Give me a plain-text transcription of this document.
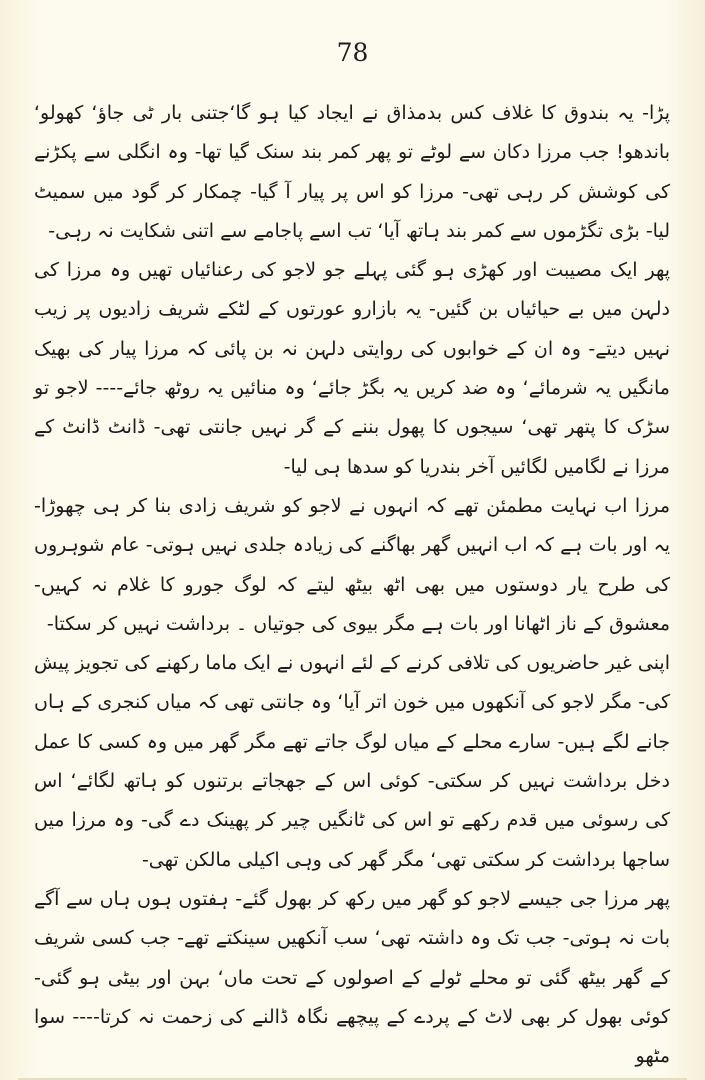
78

پڑا- یہ بندوق کا غلاف کس بدمذاق نے ایجاد کیا ہو گا‘جتنی بار ٹی جاؤ‘ کھولو‘ باندھو! جب مرزا دکان سے لوٹے تو پھر کمر بند سنک گیا تھا- وہ انگلی سے پکڑنے کی کوشش کر رہی تھی- مرزا کو اس پر پیار آ گیا- چمکار کر گود میں سمیٹ لیا- بڑی تگڑموں سے کمر بند ہاتھ آیا‘ تب اسے پاجامے سے اتنی شکایت نہ رہی-

پھر ایک مصیبت اور کھڑی ہو گئی پہلے جو لاجو کی رعنائیاں تھیں وہ مرزا کی دلہن میں بے حیائیاں بن گئیں- یہ بازارو عورتوں کے لٹکے شریف زادیوں پر زیب نہیں دیتے- وہ ان کے خوابوں کی روایتی دلہن نہ بن پائی کہ مرزا پیار کی بھیک مانگیں یہ شرمائے‘ وہ ضد کریں یہ بگڑ جائے‘ وہ منائیں یہ روٹھ جائے---- لاجو تو سڑک کا پتھر تھی‘ سیجوں کا پھول بننے کے گر نہیں جانتی تھی- ڈانٹ ڈانٹ کے مرزا نے لگامیں لگائیں آخر بندریا کو سدھا ہی لیا-

مرزا اب نہایت مطمئن تھے کہ انہوں نے لاجو کو شریف زادی بنا کر ہی چھوڑا- یہ اور بات ہے کہ اب انہیں گھر بھاگنے کی زیادہ جلدی نہیں ہوتی- عام شوہروں کی طرح یار دوستوں میں بھی اٹھ بیٹھ لیتے کہ لوگ جورو کا غلام نہ کہیں- معشوق کے ناز اٹھانا اور بات ہے مگر بیوی کی جوتیاں ۔ برداشت نہیں کر سکتا-

اپنی غیر حاضریوں کی تلافی کرنے کے لئے انہوں نے ایک ماما رکھنے کی تجویز پیش کی- مگر لاجو کی آنکھوں میں خون اتر آیا‘ وہ جانتی تھی کہ میاں کنجری کے ہاں جانے لگے ہیں- سارے محلے کے میاں لوگ جاتے تھے مگر گھر میں وہ کسی کا عمل دخل برداشت نہیں کر سکتی- کوئی اس کے جھجاتے برتنوں کو ہاتھ لگائے‘ اس کی رسوئی میں قدم رکھے تو اس کی ٹانگیں چیر کر پھینک دے گی- وہ مرزا میں ساجھا برداشت کر سکتی تھی‘ مگر گھر کی وہی اکیلی مالکن تھی-

پھر مرزا جی جیسے لاجو کو گھر میں رکھ کر بھول گئے- ہفتوں ہوں ہاں سے آگے بات نہ ہوتی- جب تک وہ داشتہ تھی‘ سب آنکھیں سینکتے تھے- جب کسی شریف کے گھر بیٹھ گئی تو محلے ٹولے کے اصولوں کے تحت ماں‘ بہن اور بیٹی ہو گئی- کوئی بھول کر بھی لاٹ کے پردے کے پیچھے نگاہ ڈالنے کی زحمت نہ کرتا---- سوا مٹھو
